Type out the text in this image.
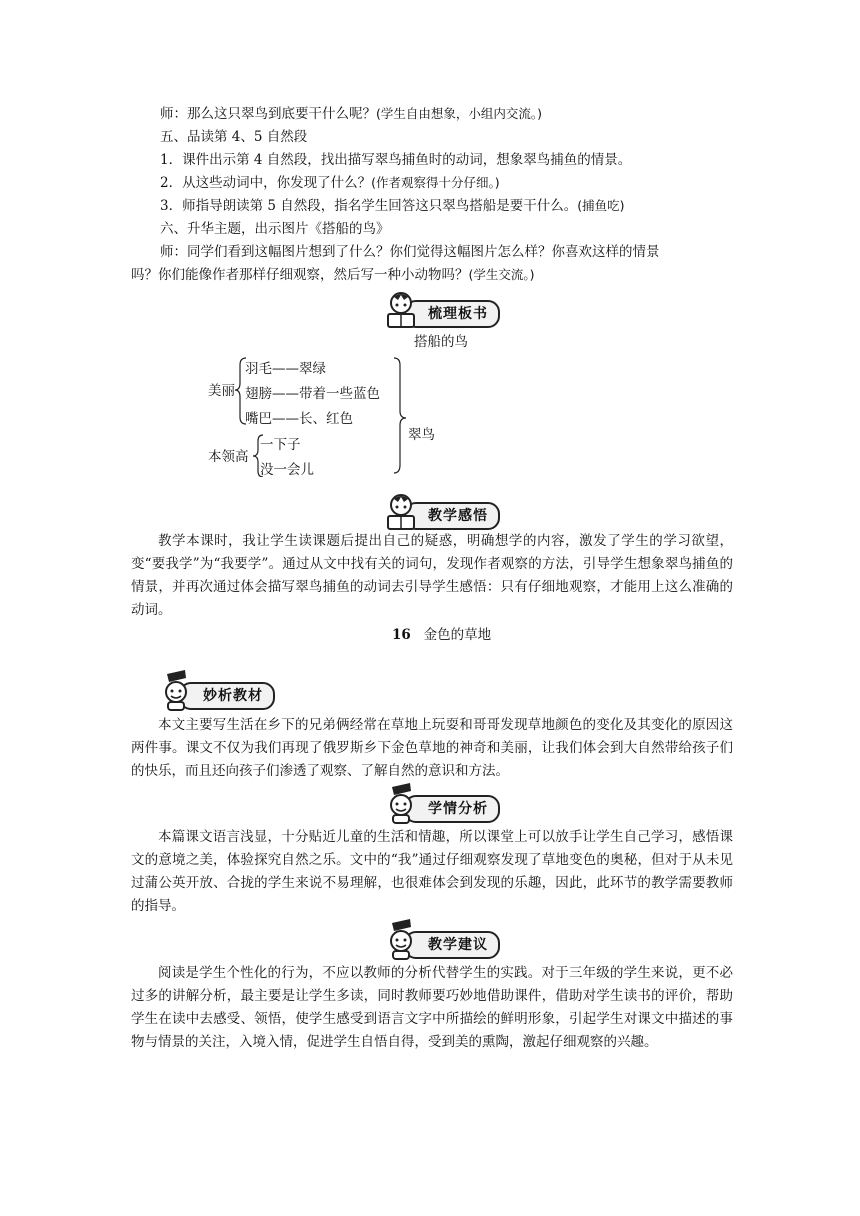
师：那么这只翠鸟到底要干什么呢？(学生自由想象，小组内交流。)
五、品读第 4、5 自然段
1．课件出示第 4 自然段，找出描写翠鸟捕鱼时的动词，想象翠鸟捕鱼的情景。
2．从这些动词中，你发现了什么？(作者观察得十分仔细。)
3．师指导朗读第 5 自然段，指名学生回答这只翠鸟搭船是要干什么。(捕鱼吃)
六、升华主题，出示图片《搭船的鸟》
师：同学们看到这幅图片想到了什么？你们觉得这幅图片怎么样？你喜欢这样的情景
吗？你们能像作者那样仔细观察，然后写一种小动物吗？(学生交流。)
梳理板书
搭船的鸟
美丽
羽毛——翠绿
翅膀——带着一些蓝色
嘴巴——长、红色
本领高
一下子
没一会儿
翠鸟
教学感悟

教学本课时，我让学生读课题后提出自己的疑惑，明确想学的内容，激发了学生的学习欲望，变“要我学”为“我要学”。通过从文中找有关的词句，发现作者观察的方法，引导学生想象翠鸟捕鱼的情景，并再次通过体会描写翠鸟捕鱼的动词去引导学生感悟：只有仔细地观察，才能用上这么准确的动词。

16 金色的草地
妙析教材

本文主要写生活在乡下的兄弟俩经常在草地上玩耍和哥哥发现草地颜色的变化及其变化的原因这两件事。课文不仅为我们再现了俄罗斯乡下金色草地的神奇和美丽，让我们体会到大自然带给孩子们的快乐，而且还向孩子们渗透了观察、了解自然的意识和方法。

学情分析

本篇课文语言浅显，十分贴近儿童的生活和情趣，所以课堂上可以放手让学生自己学习，感悟课文的意境之美，体验探究自然之乐。文中的“我”通过仔细观察发现了草地变色的奥秘，但对于从未见过蒲公英开放、合拢的学生来说不易理解，也很难体会到发现的乐趣，因此，此环节的教学需要教师的指导。

教学建议

阅读是学生个性化的行为，不应以教师的分析代替学生的实践。对于三年级的学生来说，更不必过多的讲解分析，最主要是让学生多读，同时教师要巧妙地借助课件，借助对学生读书的评价，帮助学生在读中去感受、领悟，使学生感受到语言文字中所描绘的鲜明形象，引起学生对课文中描述的事物与情景的关注，入境入情，促进学生自悟自得，受到美的熏陶，激起仔细观察的兴趣。
